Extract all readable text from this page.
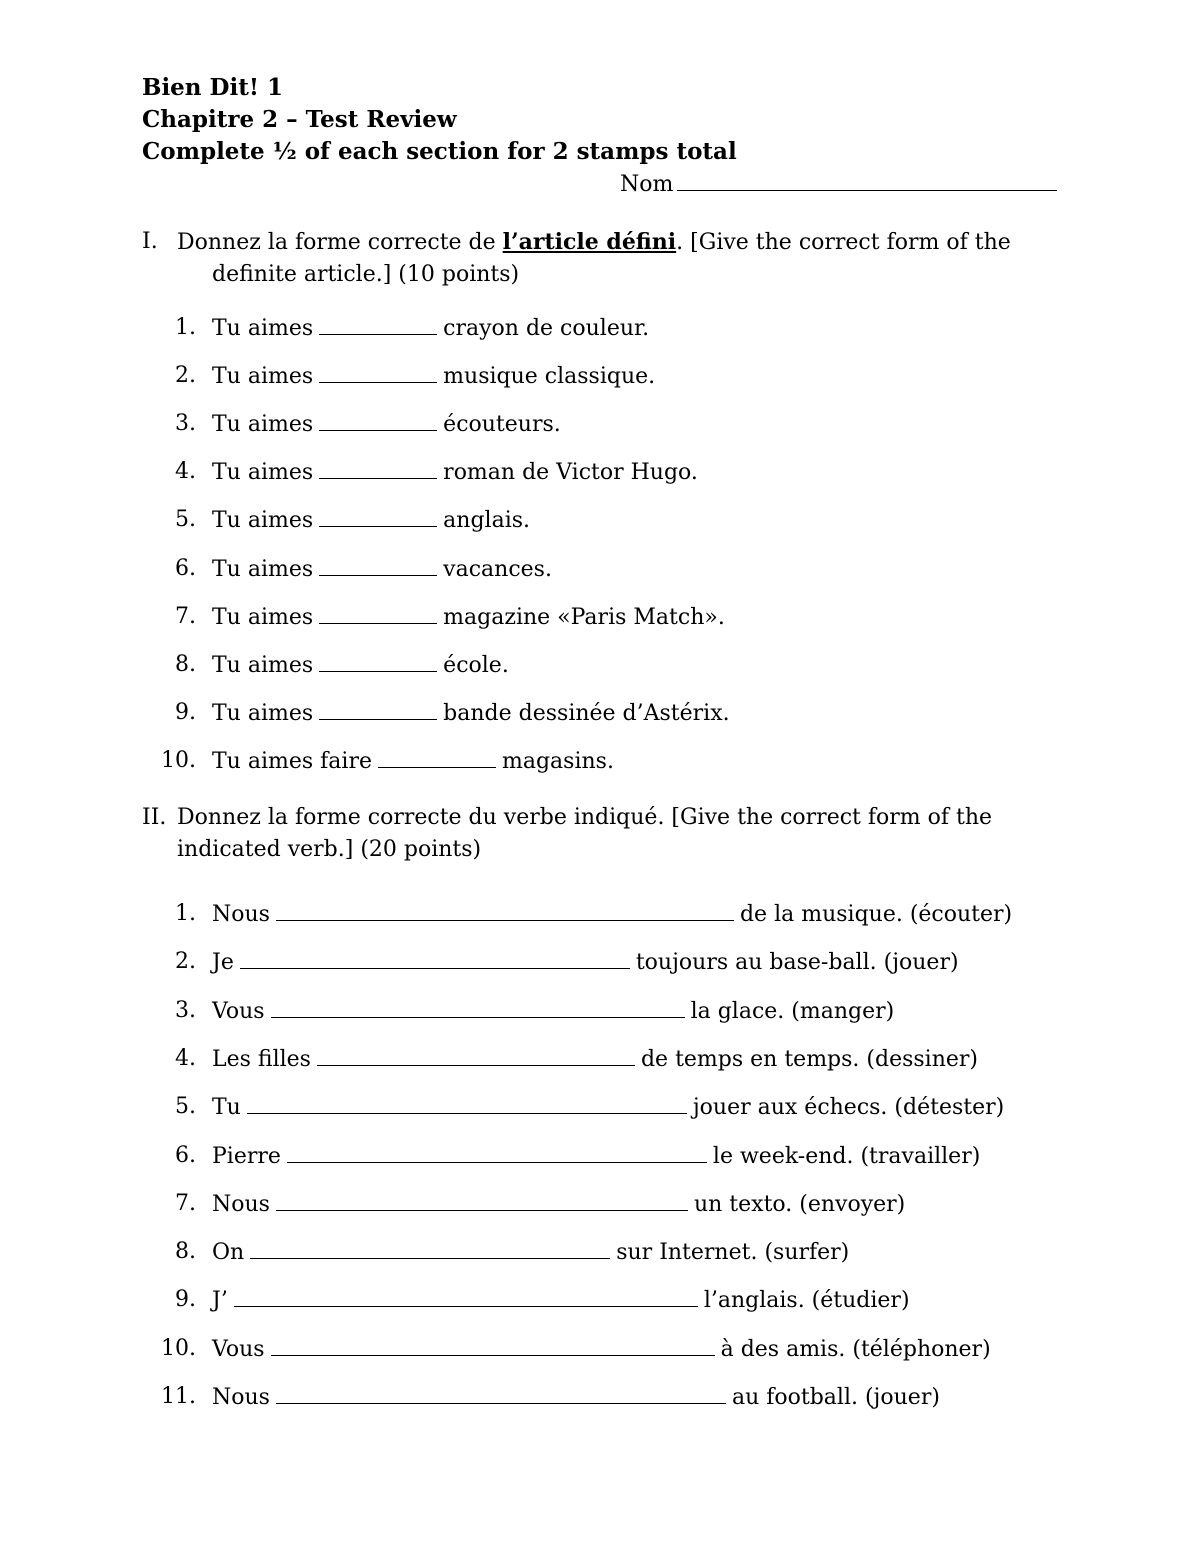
Bien Dit! 1
Chapitre 2 – Test Review
Complete ½ of each section for 2 stamps total
Nom
I. Donnez la forme correcte de l’article défini. [Give the correct form of the
definite article.] (10 points)
1. Tu aimes	crayon de couleur.
2. Tu aimes	musique classique.
3. Tu aimes	écouteurs.
4. Tu aimes	roman de Victor Hugo.
5. Tu aimes	anglais.
6. Tu aimes	vacances.
7. Tu aimes	magazine «Paris Match».
8. Tu aimes	école.
9. Tu aimes	bande dessinée d’Astérix.
10. Tu aimes faire	magasins.
II. Donnez la forme correcte du verbe indiqué. [Give the correct form of the
indicated verb.] (20 points)
1. Nous	de la musique. (écouter)
2. Je	toujours au base-ball. (jouer)
3. Vous	la glace. (manger)
4. Les filles	de temps en temps. (dessiner)
5. Tu	jouer aux échecs. (détester)
6. Pierre	le week-end. (travailler)
7. Nous	un texto. (envoyer)
8. On	sur Internet. (surfer)
9. J’	l’anglais. (étudier)
10. Vous	à des amis. (téléphoner)
11. Nous	au football. (jouer)
